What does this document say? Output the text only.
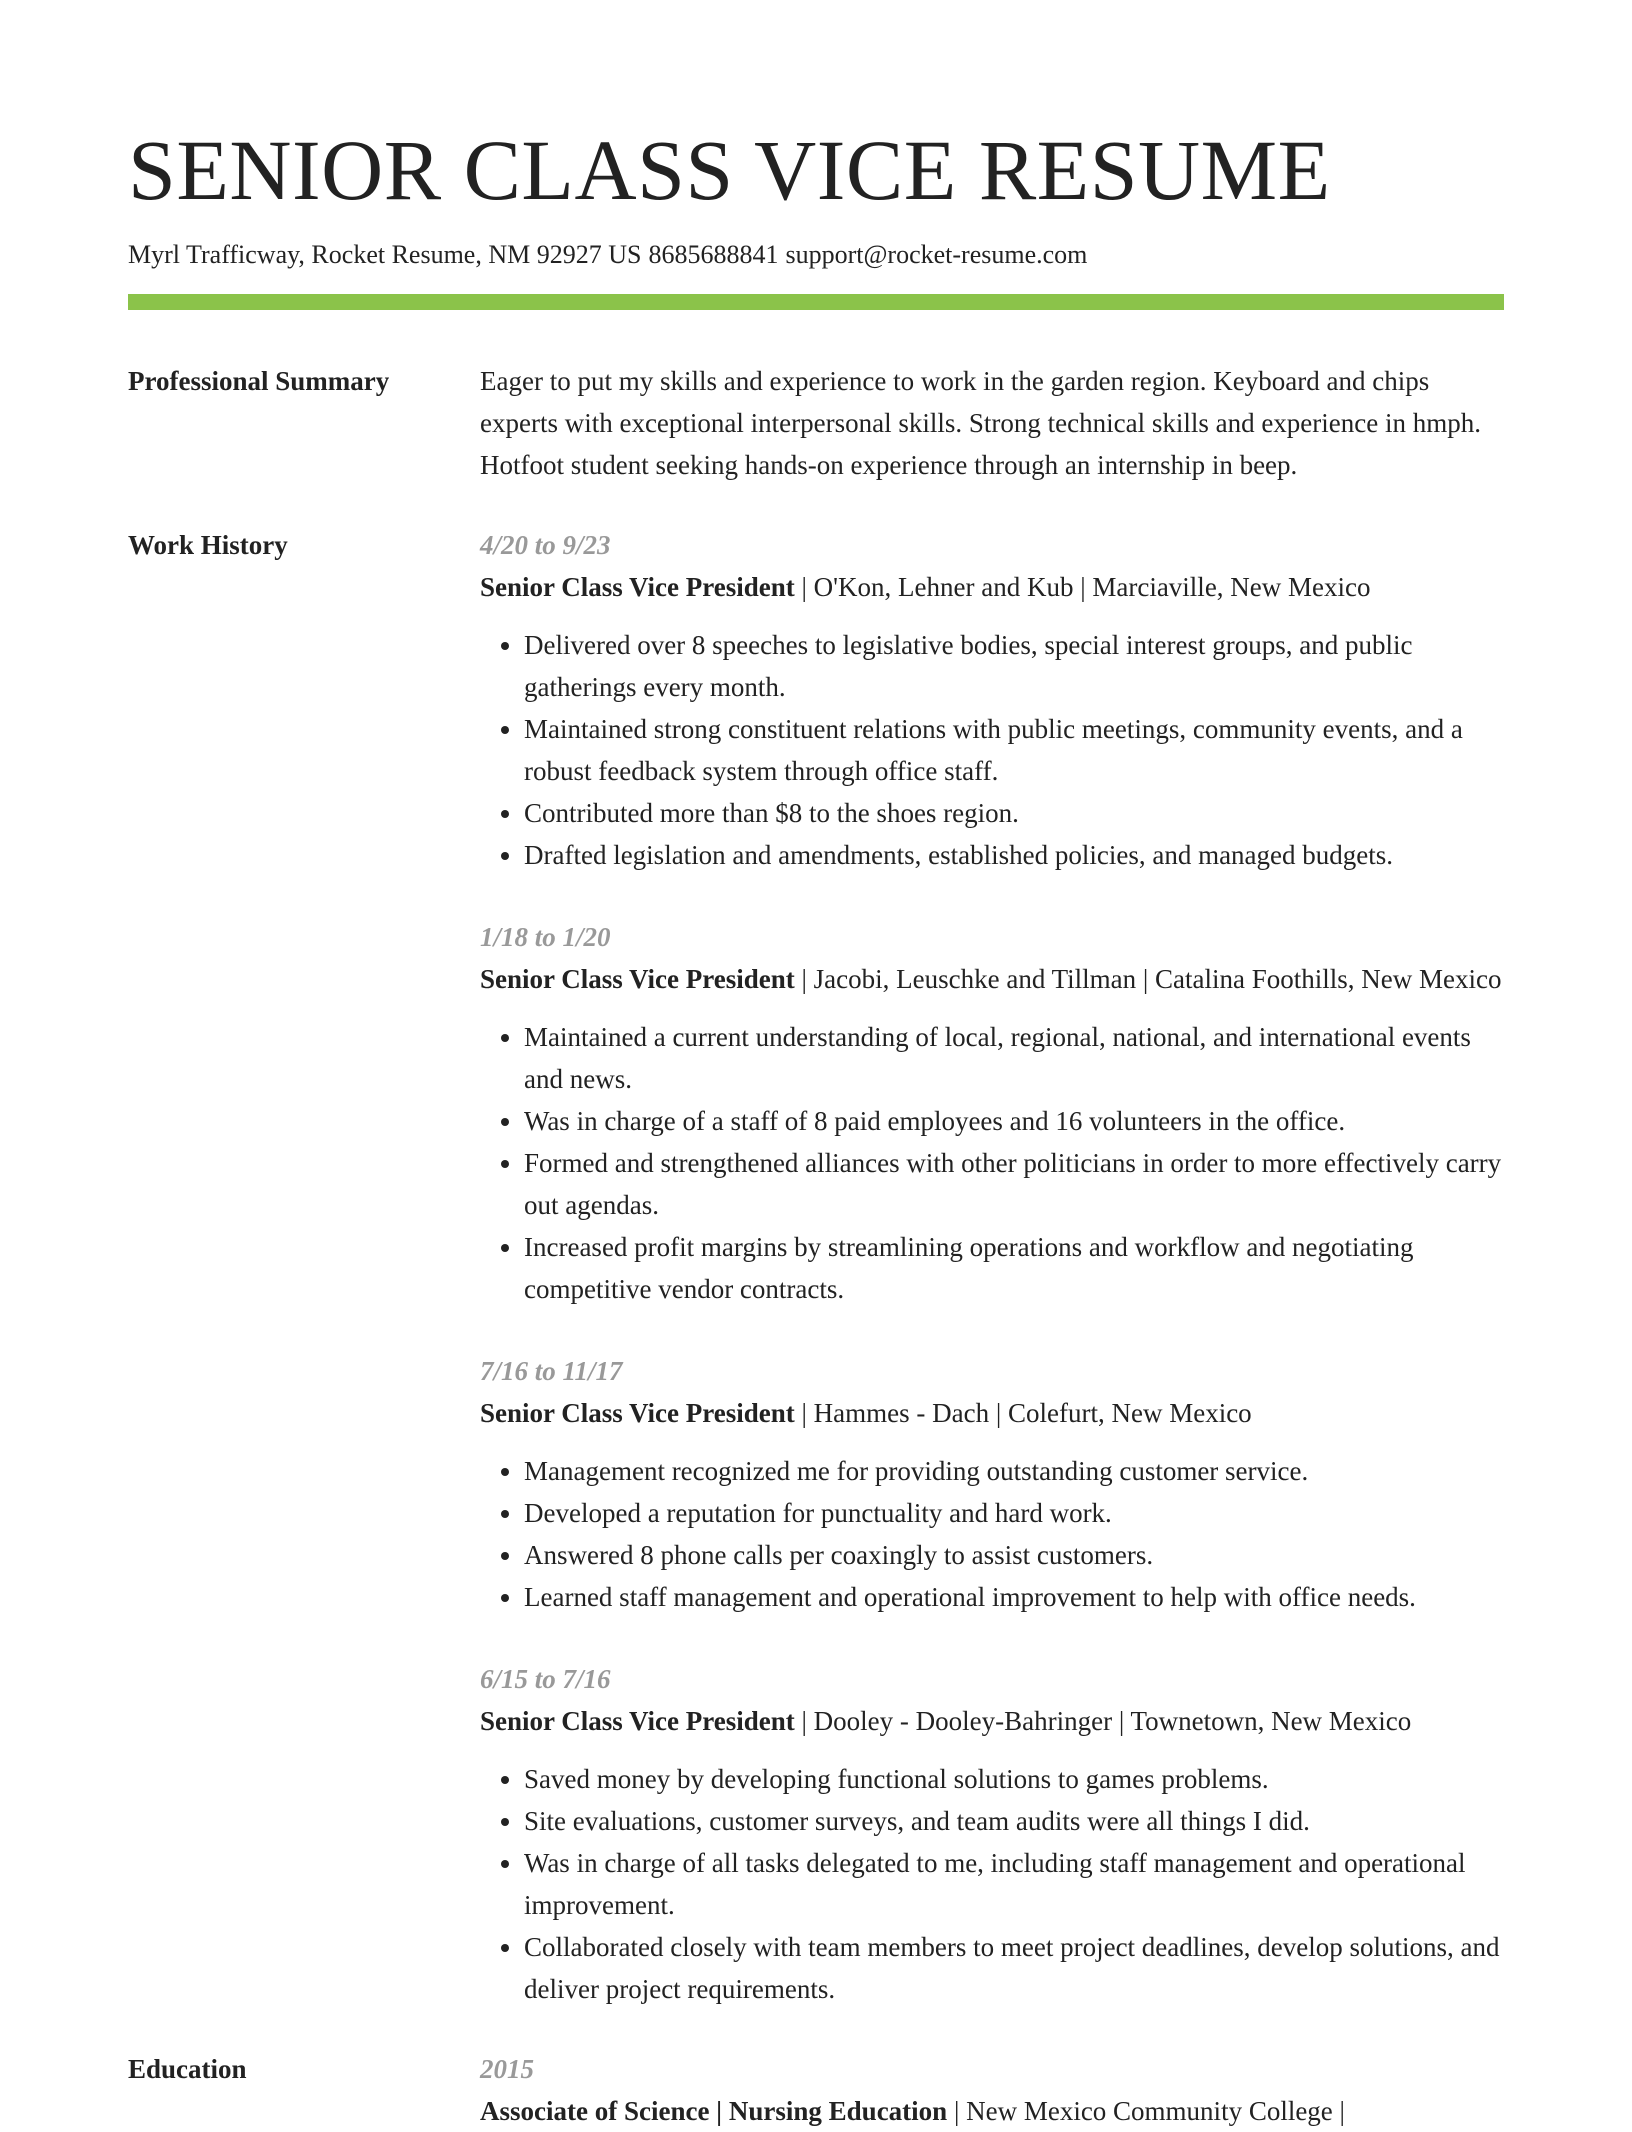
SENIOR CLASS VICE RESUME
Myrl Trafficway, Rocket Resume, NM 92927 US 8685688841 support@rocket-resume.com
Professional Summary	Eager to put my skills and experience to work in the garden region. Keyboard and chips experts with exceptional interpersonal skills. Strong technical skills and experience in hmph. Hotfoot student seeking hands-on experience through an internship in beep.

Work History	4/20 to 9/23
Senior Class Vice President | O'Kon, Lehner and Kub | Marciaville, New Mexico
• Delivered over 8 speeches to legislative bodies, special interest groups, and public gatherings every month.
• Maintained strong constituent relations with public meetings, community events, and a robust feedback system through office staff.
• Contributed more than $8 to the shoes region.
• Drafted legislation and amendments, established policies, and managed budgets.
1/18 to 1/20
Senior Class Vice President | Jacobi, Leuschke and Tillman | Catalina Foothills, New Mexico
• Maintained a current understanding of local, regional, national, and international events and news.
• Was in charge of a staff of 8 paid employees and 16 volunteers in the office.
• Formed and strengthened alliances with other politicians in order to more effectively carry out agendas.
• Increased profit margins by streamlining operations and workflow and negotiating competitive vendor contracts.
7/16 to 11/17
Senior Class Vice President | Hammes - Dach | Colefurt, New Mexico
• Management recognized me for providing outstanding customer service.
• Developed a reputation for punctuality and hard work.
• Answered 8 phone calls per coaxingly to assist customers.
• Learned staff management and operational improvement to help with office needs.
6/15 to 7/16
Senior Class Vice President | Dooley - Dooley-Bahringer | Townetown, New Mexico
• Saved money by developing functional solutions to games problems.
• Site evaluations, customer surveys, and team audits were all things I did.
• Was in charge of all tasks delegated to me, including staff management and operational improvement.
• Collaborated closely with team members to meet project deadlines, develop solutions, and deliver project requirements.
Education	2015
Associate of Science | Nursing Education | New Mexico Community College |
